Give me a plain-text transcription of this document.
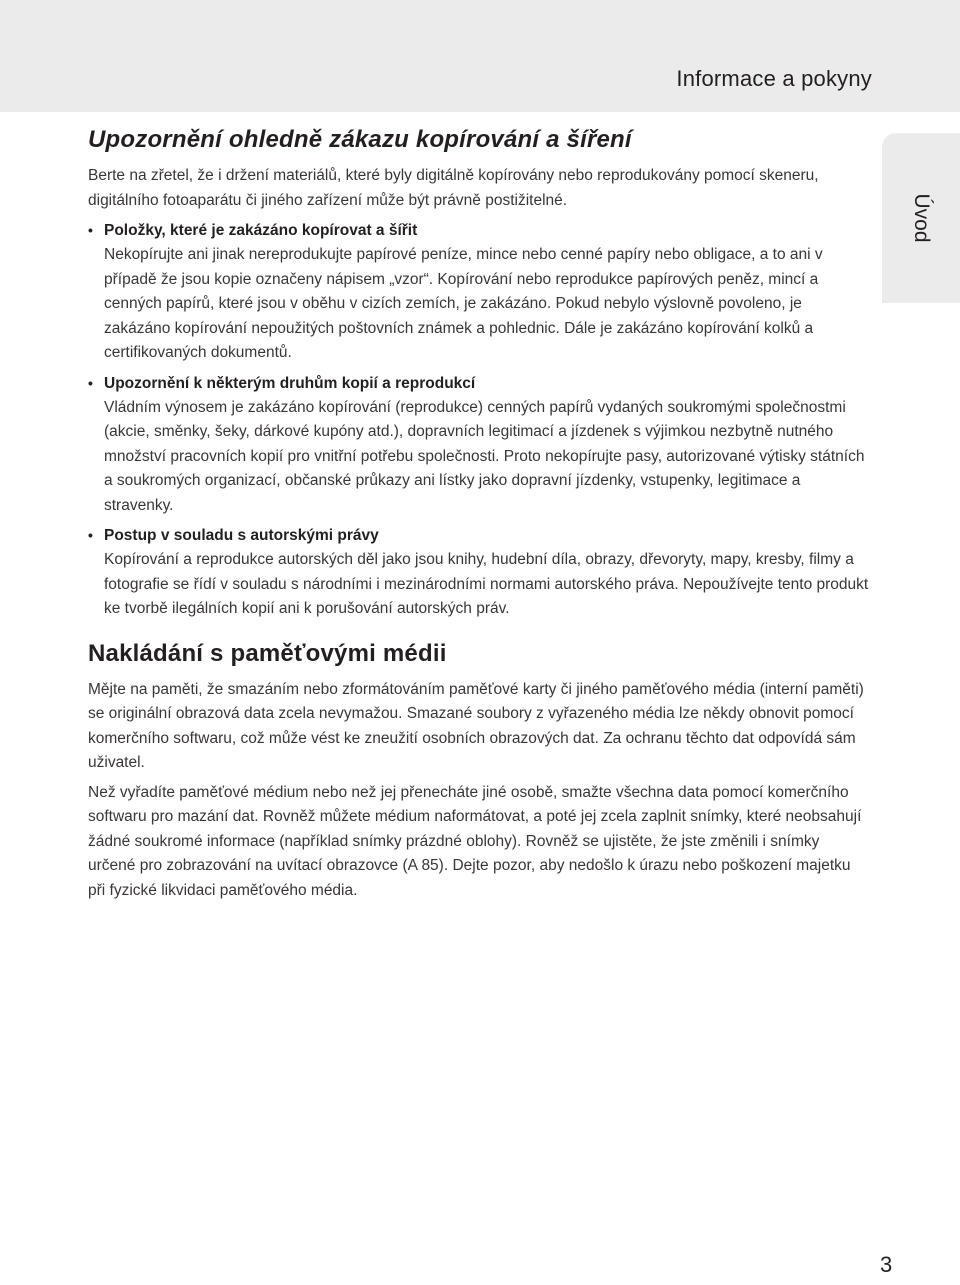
Informace a pokyny
Úvod
Upozornění ohledně zákazu kopírování a šíření

Berte na zřetel, že i držení materiálů, které byly digitálně kopírovány nebo reprodukovány pomocí skeneru, digitálního fotoaparátu či jiného zařízení může být právně postižitelné.

• Položky, které je zakázáno kopírovat a šířit
Nekopírujte ani jinak nereprodukujte papírové peníze, mince nebo cenné papíry nebo obligace, a to ani v případě že jsou kopie označeny nápisem „vzor“. Kopírování nebo reprodukce papírových peněz, mincí a cenných papírů, které jsou v oběhu v cizích zemích, je zakázáno. Pokud nebylo výslovně povoleno, je zakázáno kopírování nepoužitých poštovních známek a pohlednic. Dále je zakázáno kopírování kolků a certifikovaných dokumentů.
• Upozornění k některým druhům kopií a reprodukcí
Vládním výnosem je zakázáno kopírování (reprodukce) cenných papírů vydaných soukromými společnostmi (akcie, směnky, šeky, dárkové kupóny atd.), dopravních legitimací a jízdenek s výjimkou nezbytně nutného množství pracovních kopií pro vnitřní potřebu společnosti. Proto nekopírujte pasy, autorizované výtisky státních a soukromých organizací, občanské průkazy ani lístky jako dopravní jízdenky, vstupenky, legitimace a stravenky.
• Postup v souladu s autorskými právy
Kopírování a reprodukce autorských děl jako jsou knihy, hudební díla, obrazy, dřevoryty, mapy, kresby, filmy a fotografie se řídí v souladu s národními i mezinárodními normami autorského práva. Nepoužívejte tento produkt ke tvorbě ilegálních kopií ani k porušování autorských práv.
Nakládání s paměťovými médii

Mějte na paměti, že smazáním nebo zformátováním paměťové karty či jiného paměťového média (interní paměti) se originální obrazová data zcela nevymažou. Smazané soubory z vyřazeného média lze někdy obnovit pomocí komerčního softwaru, což může vést ke zneužití osobních obrazových dat. Za ochranu těchto dat odpovídá sám uživatel.

Než vyřadíte paměťové médium nebo než jej přenecháte jiné osobě, smažte všechna data pomocí komerčního softwaru pro mazání dat. Rovněž můžete médium naformátovat, a poté jej zcela zaplnit snímky, které neobsahují žádné soukromé informace (například snímky prázdné oblohy). Rovněž se ujistěte, že jste změnili i snímky určené pro zobrazování na uvítací obrazovce (A 85). Dejte pozor, aby nedošlo k úrazu nebo poškození majetku při fyzické likvidaci paměťového média.

3
